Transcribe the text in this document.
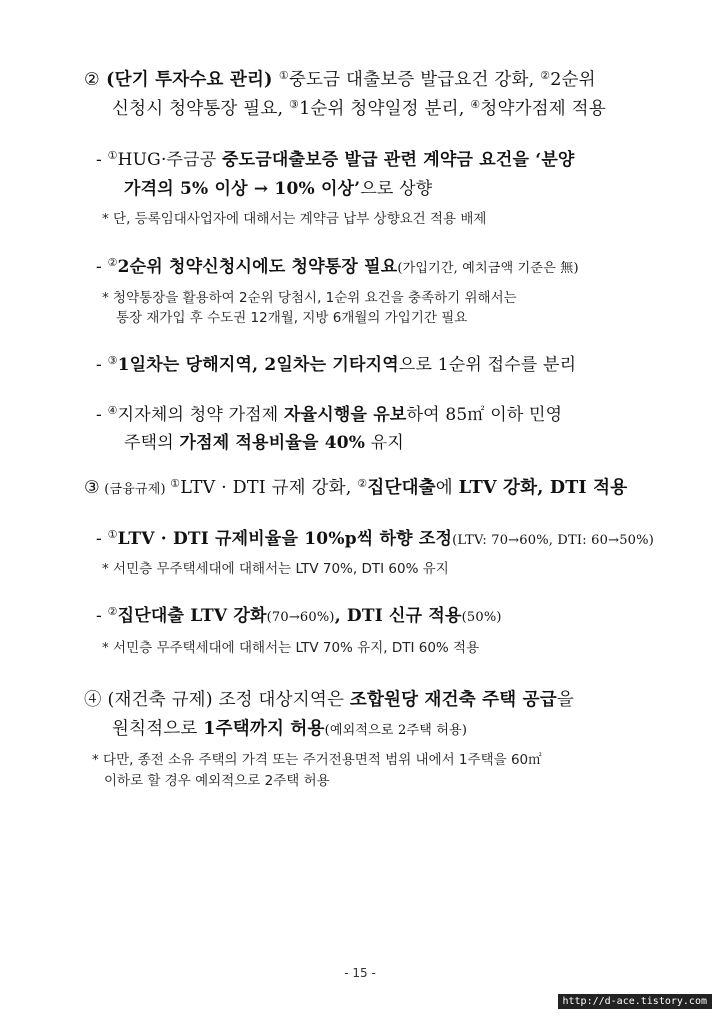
② (단기 투자수요 관리) ①중도금 대출보증 발급요건 강화, ②2순위
신청시 청약통장 필요, ③1순위 청약일정 분리, ④청약가점제 적용
- ①HUG·주금공 중도금대출보증 발급 관련 계약금 요건을 ‘분양
가격의 5% 이상 → 10% 이상’으로 상향
* 단, 등록임대사업자에 대해서는 계약금 납부 상향요건 적용 배제
- ②2순위 청약신청시에도 청약통장 필요(가입기간, 예치금액 기준은 無)
* 청약통장을 활용하여 2순위 당첨시, 1순위 요건을 충족하기 위해서는
통장 재가입 후 수도권 12개월, 지방 6개월의 가입기간 필요
- ③1일차는 당해지역, 2일차는 기타지역으로 1순위 접수를 분리
- ④지자체의 청약 가점제 자율시행을 유보하여 85㎡ 이하 민영
주택의 가점제 적용비율을 40% 유지
③ (금융규제) ①LTV · DTI 규제 강화, ②집단대출에 LTV 강화, DTI 적용
- ①LTV · DTI 규제비율을 10%p씩 하향 조정(LTV: 70→60%, DTI: 60→50%)
* 서민층 무주택세대에 대해서는 LTV 70%, DTI 60% 유지
- ②집단대출 LTV 강화(70→60%), DTI 신규 적용(50%)
* 서민층 무주택세대에 대해서는 LTV 70% 유지, DTI 60% 적용
④ (재건축 규제) 조정 대상지역은 조합원당 재건축 주택 공급을
원칙적으로 1주택까지 허용(예외적으로 2주택 허용)
* 다만, 종전 소유 주택의 가격 또는 주거전용면적 범위 내에서 1주택을 60㎡
이하로 할 경우 예외적으로 2주택 허용
- 15 -
http://d-ace.tistory.com
